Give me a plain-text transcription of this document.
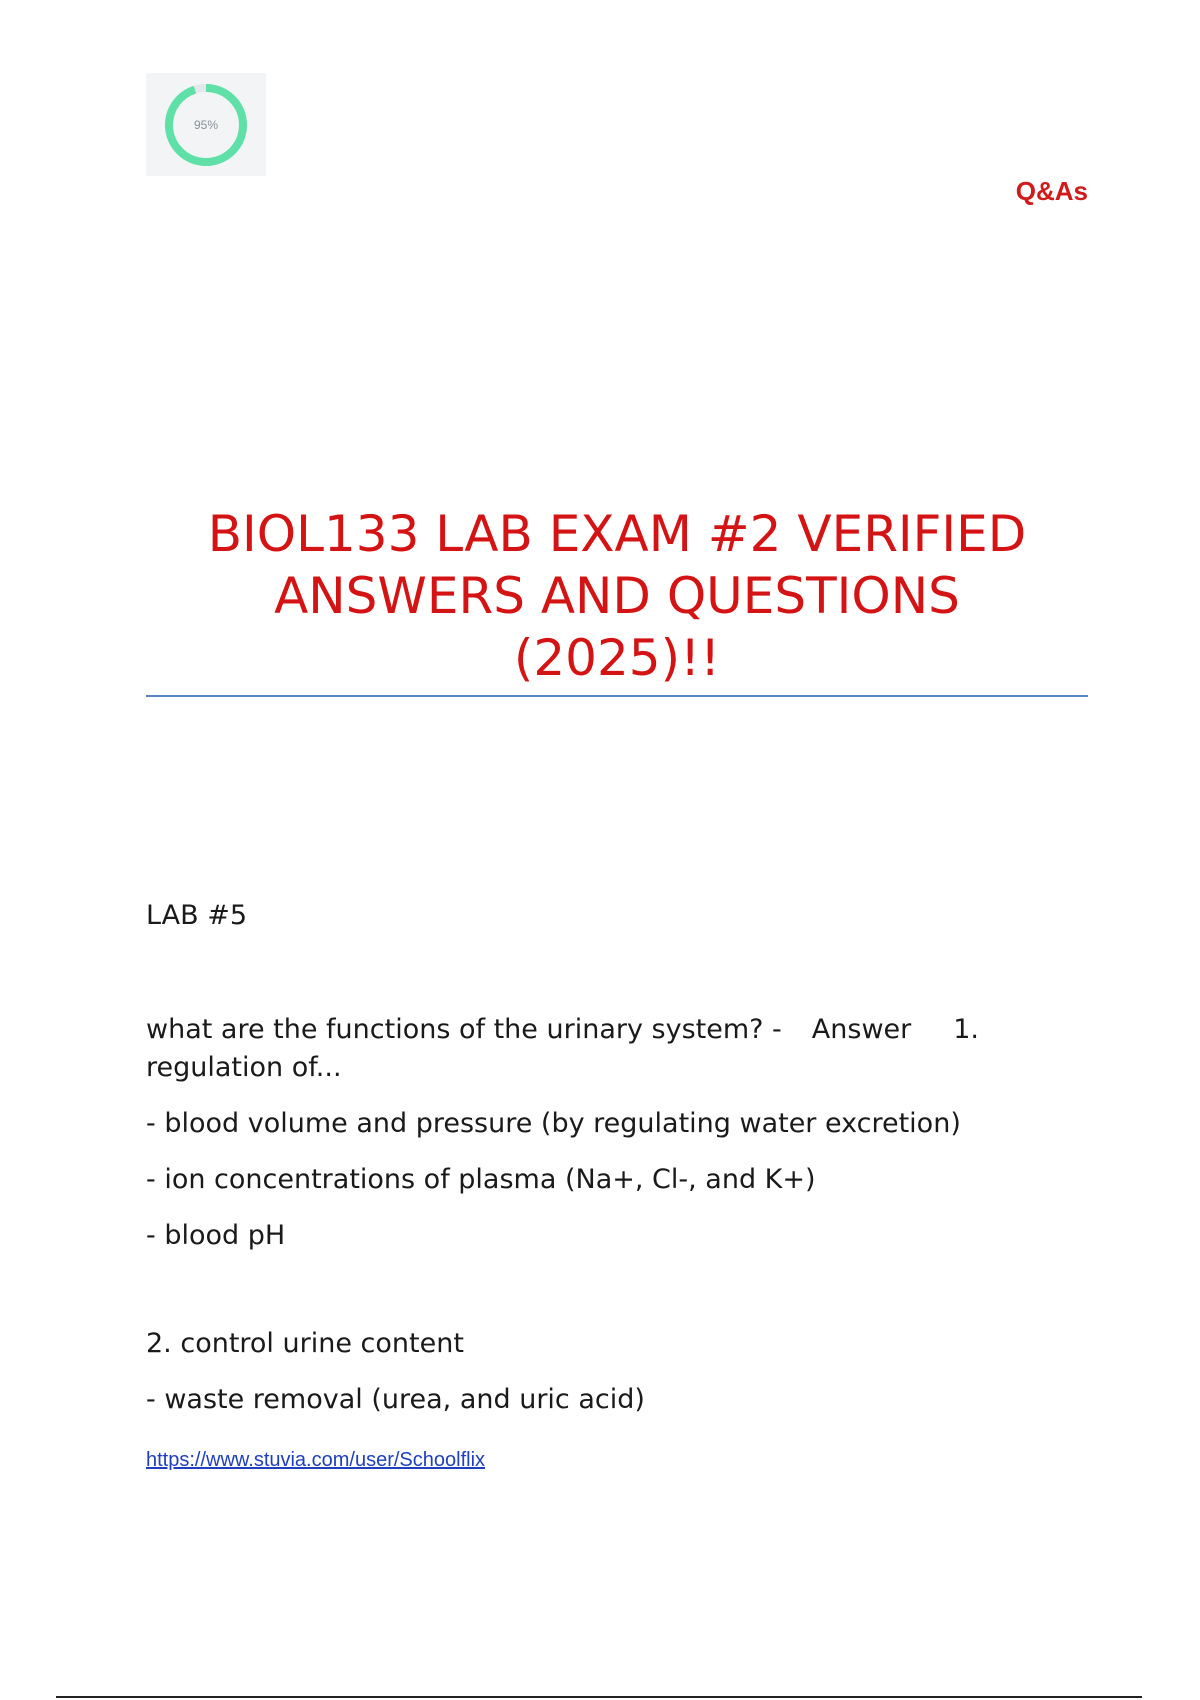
95%
Q&As
BIOL133 LAB EXAM #2 VERIFIED
ANSWERS AND QUESTIONS
(2025)!!

LAB #5

what are the functions of the urinary system? - Answer 1.
regulation of...

- blood volume and pressure (by regulating water excretion)

- ion concentrations of plasma (Na+, Cl-, and K+)

- blood pH

2. control urine content

- waste removal (urea, and uric acid)

https://www.stuvia.com/user/Schoolflix
